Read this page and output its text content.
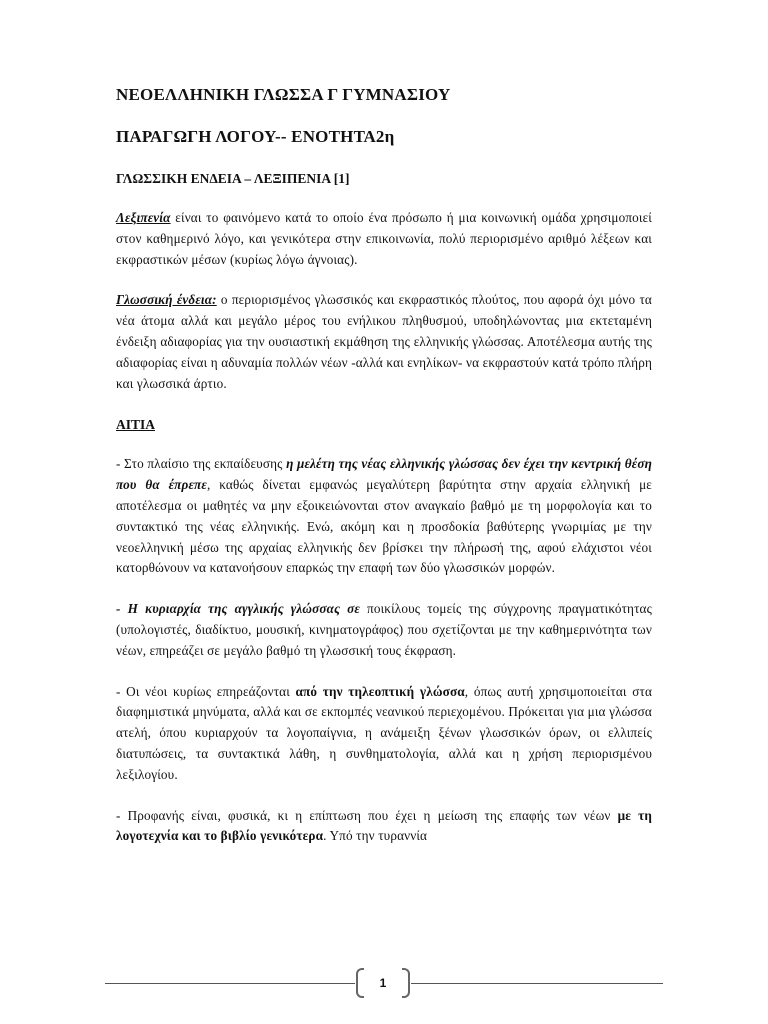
ΝΕΟΕΛΛΗΝΙΚΗ ΓΛΩΣΣΑ Γ ΓΥΜΝΑΣΙΟΥ
ΠΑΡΑΓΩΓΗ ΛΟΓΟΥ-- ΕΝΟΤΗΤΑ2η
ΓΛΩΣΣΙΚΗ ΕΝΔΕΙΑ – ΛΕΞΙΠΕΝΙΑ [1]

Λεξιπενία είναι το φαινόμενο κατά το οποίο ένα πρόσωπο ή μια κοινωνική ομάδα χρησιμοποιεί στον καθημερινό λόγο, και γενικότερα στην επικοινωνία, πολύ περιορισμένο αριθμό λέξεων και εκφραστικών μέσων (κυρίως λόγω άγνοιας).

Γλωσσική ένδεια: ο περιορισμένος γλωσσικός και εκφραστικός πλούτος, που αφορά όχι μόνο τα νέα άτομα αλλά και μεγάλο μέρος του ενήλικου πληθυσμού, υποδηλώνοντας μια εκτεταμένη ένδειξη αδιαφορίας για την ουσιαστική εκμάθηση της ελληνικής γλώσσας. Αποτέλεσμα αυτής της αδιαφορίας είναι η αδυναμία πολλών νέων -αλλά και ενηλίκων- να εκφραστούν κατά τρόπο πλήρη και γλωσσικά άρτιο.

ΑΙΤΙΑ

- Στο πλαίσιο της εκπαίδευσης η μελέτη της νέας ελληνικής γλώσσας δεν έχει την κεντρική θέση που θα έπρεπε, καθώς δίνεται εμφανώς μεγαλύτερη βαρύτητα στην αρχαία ελληνική με αποτέλεσμα οι μαθητές να μην εξοικειώνονται στον αναγκαίο βαθμό με τη μορφολογία και το συντακτικό της νέας ελληνικής. Ενώ, ακόμη και η προσδοκία βαθύτερης γνωριμίας με την νεοελληνική μέσω της αρχαίας ελληνικής δεν βρίσκει την πλήρωσή της, αφού ελάχιστοι νέοι κατορθώνουν να κατανοήσουν επαρκώς την επαφή των δύο γλωσσικών μορφών.

- Η κυριαρχία της αγγλικής γλώσσας σε ποικίλους τομείς της σύγχρονης πραγματικότητας (υπολογιστές, διαδίκτυο, μουσική, κινηματογράφος) που σχετίζονται με την καθημερινότητα των νέων, επηρεάζει σε μεγάλο βαθμό τη γλωσσική τους έκφραση.

- Οι νέοι κυρίως επηρεάζονται από την τηλεοπτική γλώσσα, όπως αυτή χρησιμοποιείται στα διαφημιστικά μηνύματα, αλλά και σε εκπομπές νεανικού περιεχομένου. Πρόκειται για μια γλώσσα ατελή, όπου κυριαρχούν τα λογοπαίγνια, η ανάμειξη ξένων γλωσσικών όρων, οι ελλιπείς διατυπώσεις, τα συντακτικά λάθη, η συνθηματολογία, αλλά και η χρήση περιορισμένου λεξιλογίου.

- Προφανής είναι, φυσικά, κι η επίπτωση που έχει η μείωση της επαφής των νέων με τη λογοτεχνία και το βιβλίο γενικότερα. Υπό την τυραννία

1
